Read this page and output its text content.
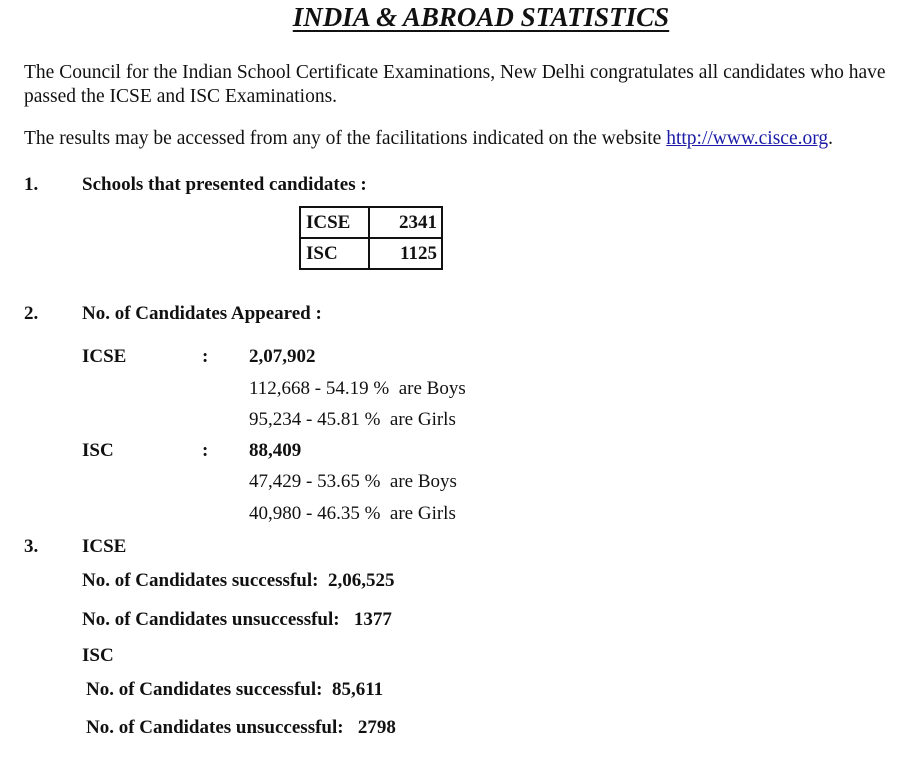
INDIA & ABROAD STATISTICS
The Council for the Indian School Certificate Examinations, New Delhi congratulates all candidates who have
passed the ICSE and ISC Examinations.
The results may be accessed from any of the facilitations indicated on the website http://www.cisce.org.
1. Schools that presented candidates :
ICSE	2341
ISC	1125
2. No. of Candidates Appeared :
ICSE	: 2,07,902
112,668 - 54.19 %  are Boys
95,234 - 45.81 %  are Girls
ISC	: 88,409
47,429 - 53.65 %  are Boys
40,980 - 46.35 %  are Girls
3. ICSE
No. of Candidates successful:  2,06,525
No. of Candidates unsuccessful:   1377
ISC
No. of Candidates successful:  85,611
No. of Candidates unsuccessful:   2798
